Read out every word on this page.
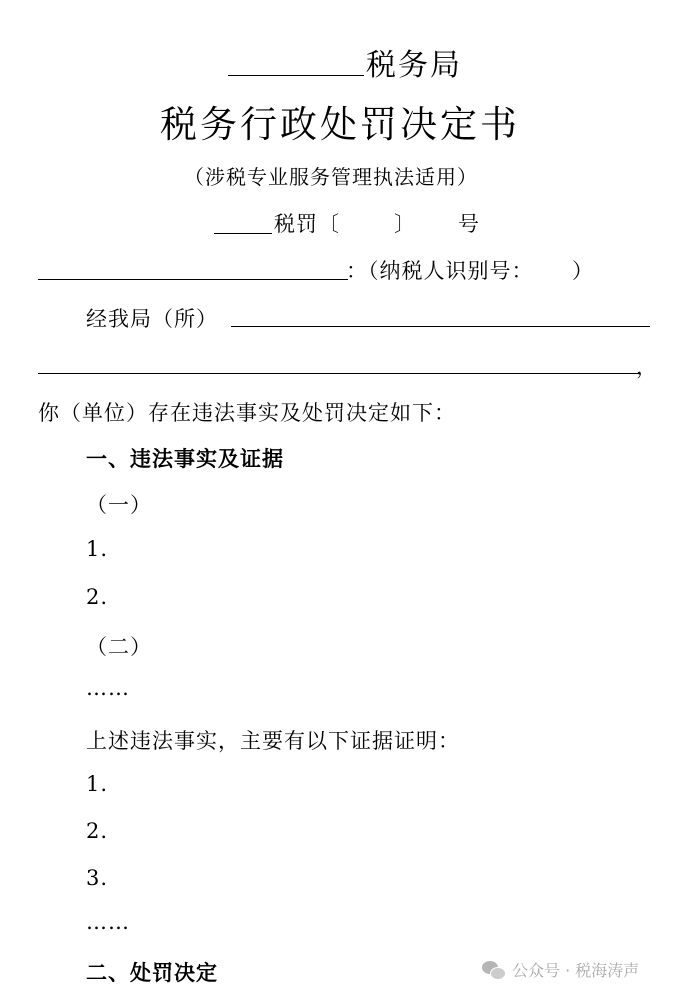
税务局
税务行政处罚决定书
（涉税专业服务管理执法适用）
税罚〔	〕 号
：（纳税人识别号： ）
经我局（所）
，
你（单位）存在违法事实及处罚决定如下：
一、违法事实及证据
（一）
1.
2.
（二）
……
上述违法事实，主要有以下证据证明：
1.
2.
3.
……
二、处罚决定	公众号 · 税海涛声
